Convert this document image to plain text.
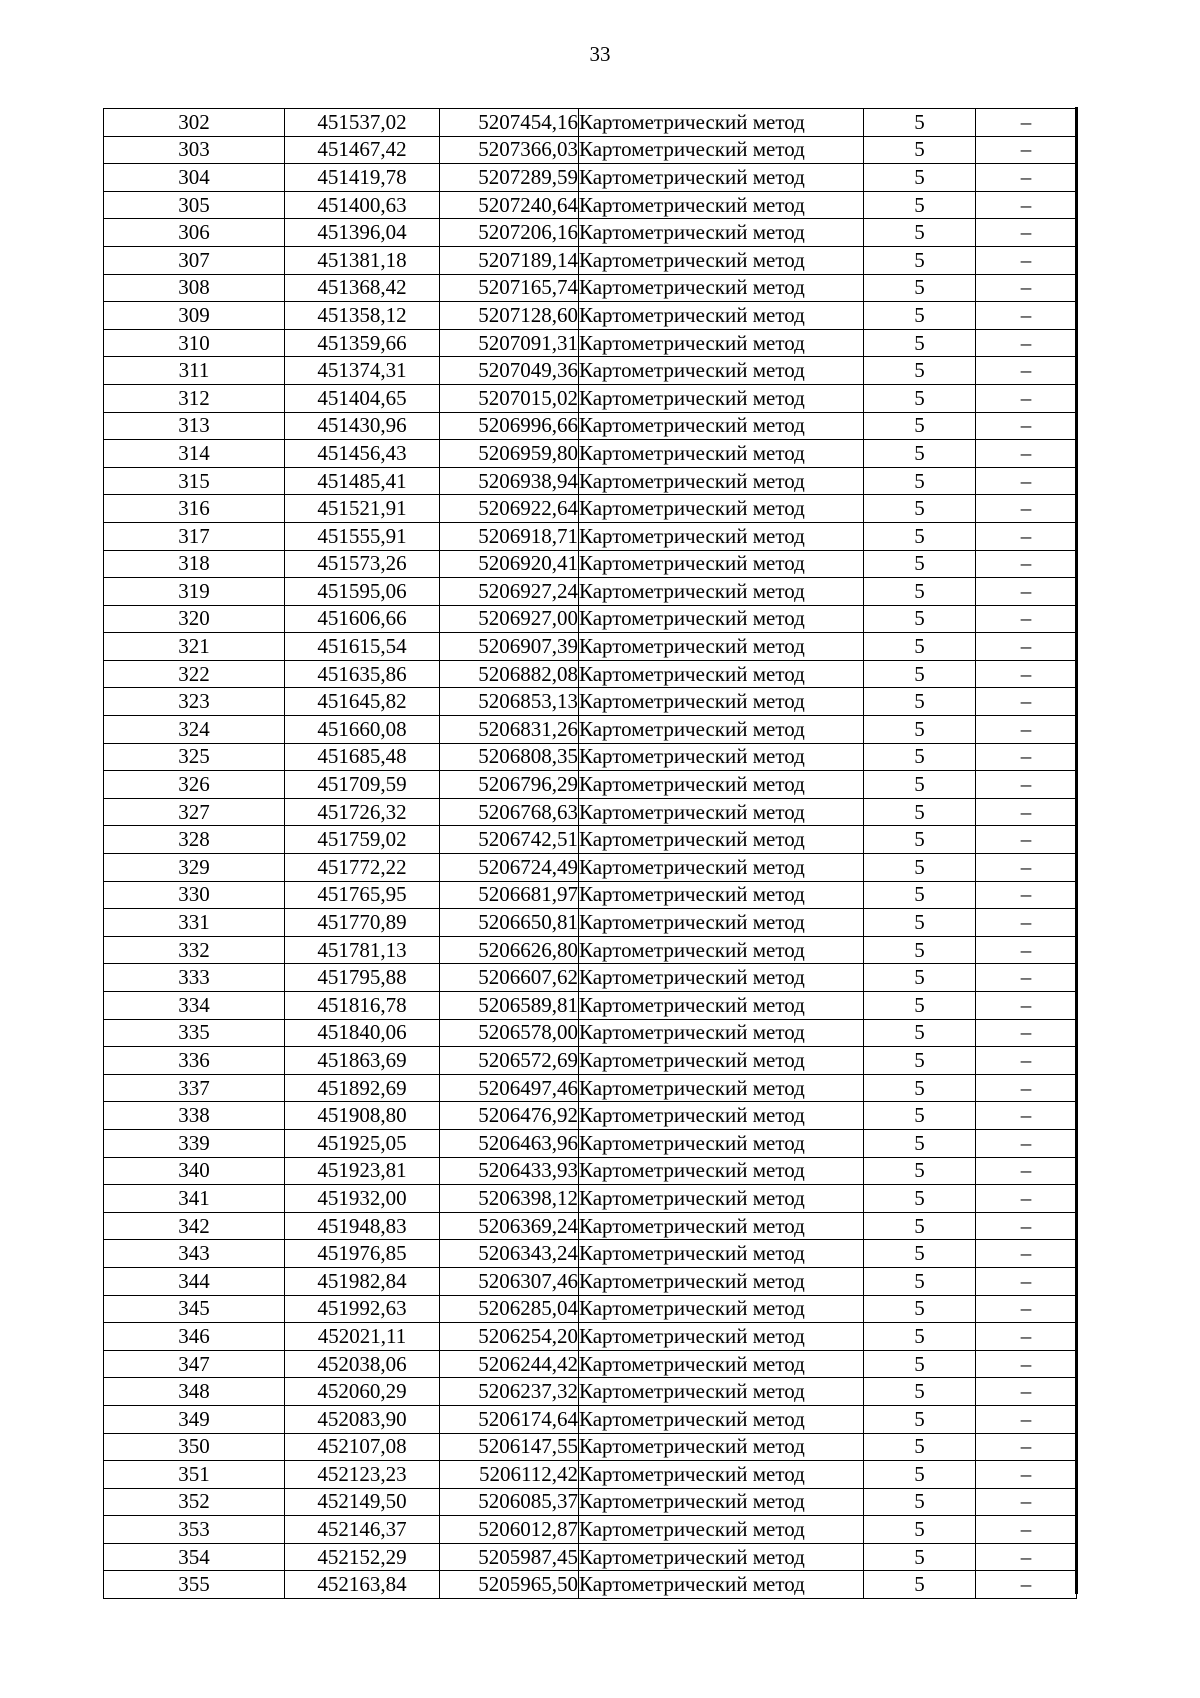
33
302	451537,02	5207454,16	Картометрический метод	5	–
303	451467,42	5207366,03	Картометрический метод	5	–
304	451419,78	5207289,59	Картометрический метод	5	–
305	451400,63	5207240,64	Картометрический метод	5	–
306	451396,04	5207206,16	Картометрический метод	5	–
307	451381,18	5207189,14	Картометрический метод	5	–
308	451368,42	5207165,74	Картометрический метод	5	–
309	451358,12	5207128,60	Картометрический метод	5	–
310	451359,66	5207091,31	Картометрический метод	5	–
311	451374,31	5207049,36	Картометрический метод	5	–
312	451404,65	5207015,02	Картометрический метод	5	–
313	451430,96	5206996,66	Картометрический метод	5	–
314	451456,43	5206959,80	Картометрический метод	5	–
315	451485,41	5206938,94	Картометрический метод	5	–
316	451521,91	5206922,64	Картометрический метод	5	–
317	451555,91	5206918,71	Картометрический метод	5	–
318	451573,26	5206920,41	Картометрический метод	5	–
319	451595,06	5206927,24	Картометрический метод	5	–
320	451606,66	5206927,00	Картометрический метод	5	–
321	451615,54	5206907,39	Картометрический метод	5	–
322	451635,86	5206882,08	Картометрический метод	5	–
323	451645,82	5206853,13	Картометрический метод	5	–
324	451660,08	5206831,26	Картометрический метод	5	–
325	451685,48	5206808,35	Картометрический метод	5	–
326	451709,59	5206796,29	Картометрический метод	5	–
327	451726,32	5206768,63	Картометрический метод	5	–
328	451759,02	5206742,51	Картометрический метод	5	–
329	451772,22	5206724,49	Картометрический метод	5	–
330	451765,95	5206681,97	Картометрический метод	5	–
331	451770,89	5206650,81	Картометрический метод	5	–
332	451781,13	5206626,80	Картометрический метод	5	–
333	451795,88	5206607,62	Картометрический метод	5	–
334	451816,78	5206589,81	Картометрический метод	5	–
335	451840,06	5206578,00	Картометрический метод	5	–
336	451863,69	5206572,69	Картометрический метод	5	–
337	451892,69	5206497,46	Картометрический метод	5	–
338	451908,80	5206476,92	Картометрический метод	5	–
339	451925,05	5206463,96	Картометрический метод	5	–
340	451923,81	5206433,93	Картометрический метод	5	–
341	451932,00	5206398,12	Картометрический метод	5	–
342	451948,83	5206369,24	Картометрический метод	5	–
343	451976,85	5206343,24	Картометрический метод	5	–
344	451982,84	5206307,46	Картометрический метод	5	–
345	451992,63	5206285,04	Картометрический метод	5	–
346	452021,11	5206254,20	Картометрический метод	5	–
347	452038,06	5206244,42	Картометрический метод	5	–
348	452060,29	5206237,32	Картометрический метод	5	–
349	452083,90	5206174,64	Картометрический метод	5	–
350	452107,08	5206147,55	Картометрический метод	5	–
351	452123,23	5206112,42	Картометрический метод	5	–
352	452149,50	5206085,37	Картометрический метод	5	–
353	452146,37	5206012,87	Картометрический метод	5	–
354	452152,29	5205987,45	Картометрический метод	5	–
355	452163,84	5205965,50	Картометрический метод	5	–
